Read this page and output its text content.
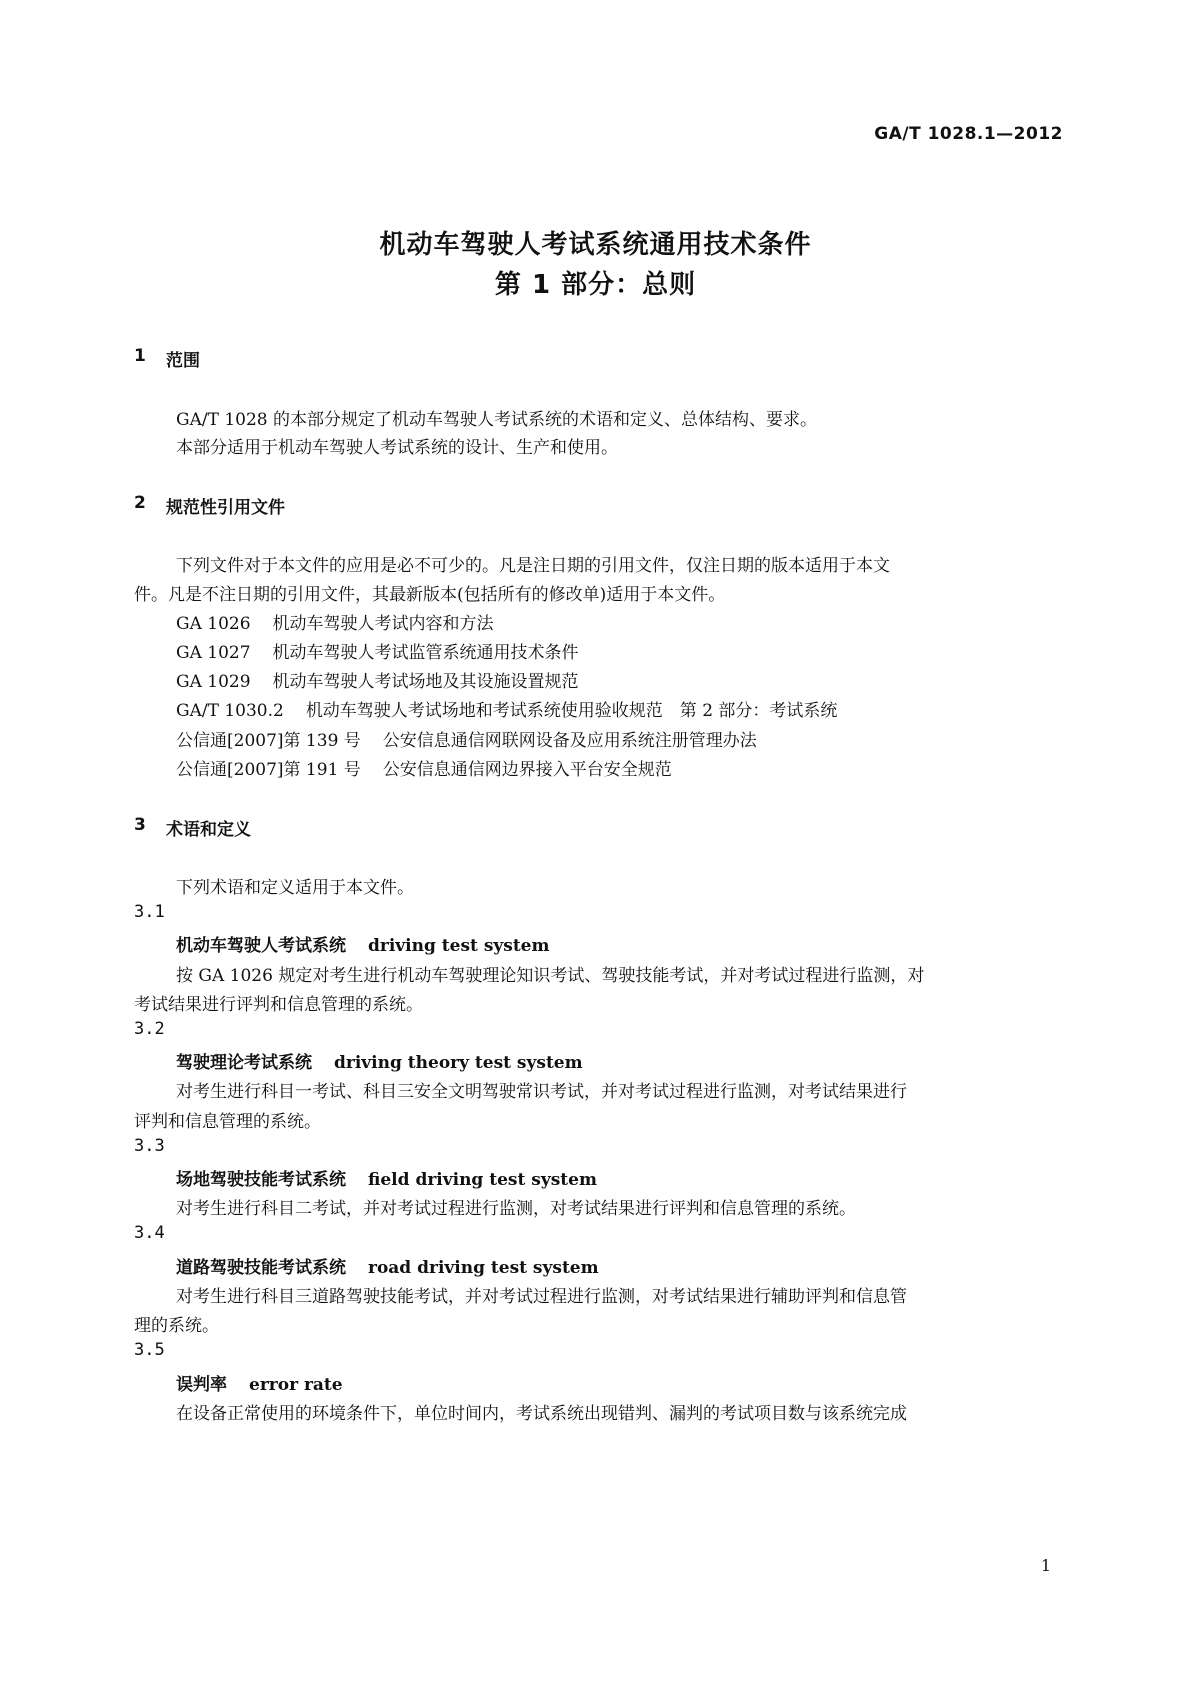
GA/T 1028.1—2012
机动车驾驶人考试系统通用技术条件
第 1 部分：总则
1 范围
GA/T 1028 的本部分规定了机动车驾驶人考试系统的术语和定义、总体结构、要求。
本部分适用于机动车驾驶人考试系统的设计、生产和使用。
2 规范性引用文件
下列文件对于本文件的应用是必不可少的。凡是注日期的引用文件，仅注日期的版本适用于本文
件。凡是不注日期的引用文件，其最新版本(包括所有的修改单)适用于本文件。
GA 1026 机动车驾驶人考试内容和方法
GA 1027 机动车驾驶人考试监管系统通用技术条件
GA 1029 机动车驾驶人考试场地及其设施设置规范
GA/T 1030.2 机动车驾驶人考试场地和考试系统使用验收规范　第 2 部分：考试系统
公信通[2007]第 139 号 公安信息通信网联网设备及应用系统注册管理办法
公信通[2007]第 191 号 公安信息通信网边界接入平台安全规范
3 术语和定义
下列术语和定义适用于本文件。
3.1
机动车驾驶人考试系统 driving test system
按 GA 1026 规定对考生进行机动车驾驶理论知识考试、驾驶技能考试，并对考试过程进行监测，对
考试结果进行评判和信息管理的系统。
3.2
驾驶理论考试系统 driving theory test system
对考生进行科目一考试、科目三安全文明驾驶常识考试，并对考试过程进行监测，对考试结果进行
评判和信息管理的系统。
3.3
场地驾驶技能考试系统 field driving test system
对考生进行科目二考试，并对考试过程进行监测，对考试结果进行评判和信息管理的系统。
3.4
道路驾驶技能考试系统 road driving test system
对考生进行科目三道路驾驶技能考试，并对考试过程进行监测，对考试结果进行辅助评判和信息管
理的系统。
3.5
误判率 error rate
在设备正常使用的环境条件下，单位时间内，考试系统出现错判、漏判的考试项目数与该系统完成
1
